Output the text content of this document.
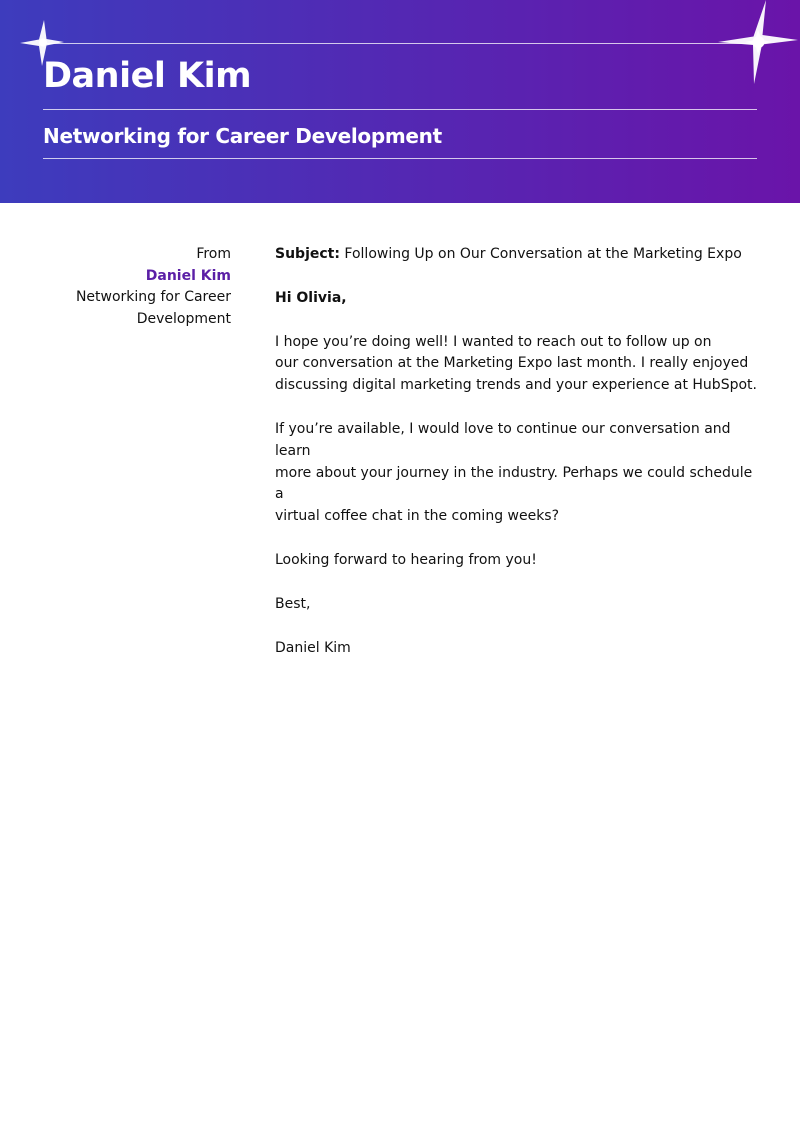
Daniel Kim
Networking for Career Development
From
Daniel Kim
Networking for Career
Development

Subject: Following Up on Our Conversation at the Marketing Expo

Hi Olivia,

I hope you’re doing well! I wanted to reach out to follow up on
our conversation at the Marketing Expo last month. I really enjoyed
discussing digital marketing trends and your experience at HubSpot.

If you’re available, I would love to continue our conversation and learn
more about your journey in the industry. Perhaps we could schedule a
virtual coffee chat in the coming weeks?

Looking forward to hearing from you!

Best,

Daniel Kim
